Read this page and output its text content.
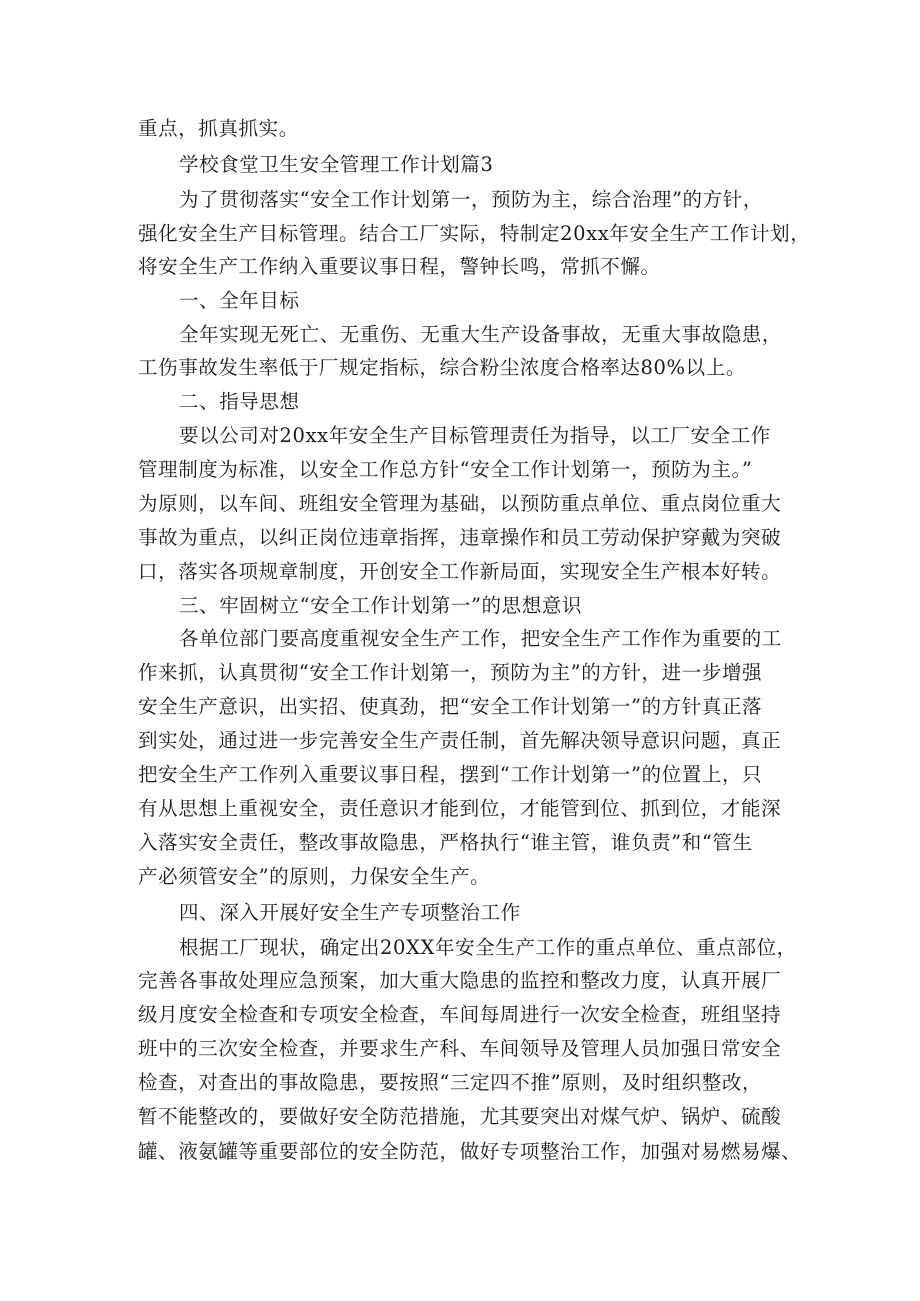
重点，抓真抓实。
学校食堂卫生安全管理工作计划篇3
为了贯彻落实“安全工作计划第一，预防为主，综合治理”的方针，
强化安全生产目标管理。结合工厂实际，特制定20xx年安全生产工作计划，
将安全生产工作纳入重要议事日程，警钟长鸣，常抓不懈。
一、全年目标
全年实现无死亡、无重伤、无重大生产设备事故，无重大事故隐患，
工伤事故发生率低于厂规定指标，综合粉尘浓度合格率达80%以上。
二、指导思想
要以公司对20xx年安全生产目标管理责任为指导，以工厂安全工作
管理制度为标准，以安全工作总方针“安全工作计划第一，预防为主。”
为原则，以车间、班组安全管理为基础，以预防重点单位、重点岗位重大
事故为重点，以纠正岗位违章指挥，违章操作和员工劳动保护穿戴为突破
口，落实各项规章制度，开创安全工作新局面，实现安全生产根本好转。
三、牢固树立“安全工作计划第一”的思想意识
各单位部门要高度重视安全生产工作，把安全生产工作作为重要的工
作来抓，认真贯彻“安全工作计划第一，预防为主”的方针，进一步增强
安全生产意识，出实招、使真劲，把“安全工作计划第一”的方针真正落
到实处，通过进一步完善安全生产责任制，首先解决领导意识问题，真正
把安全生产工作列入重要议事日程，摆到“工作计划第一”的位置上，只
有从思想上重视安全，责任意识才能到位，才能管到位、抓到位，才能深
入落实安全责任，整改事故隐患，严格执行“谁主管，谁负责”和“管生
产必须管安全”的原则，力保安全生产。
四、深入开展好安全生产专项整治工作
根据工厂现状，确定出20XX年安全生产工作的重点单位、重点部位，
完善各事故处理应急预案，加大重大隐患的监控和整改力度，认真开展厂
级月度安全检查和专项安全检查，车间每周进行一次安全检查，班组坚持
班中的三次安全检查，并要求生产科、车间领导及管理人员加强日常安全
检查，对查出的事故隐患，要按照“三定四不推”原则，及时组织整改，
暂不能整改的，要做好安全防范措施，尤其要突出对煤气炉、锅炉、硫酸
罐、液氨罐等重要部位的安全防范，做好专项整治工作，加强对易燃易爆、
